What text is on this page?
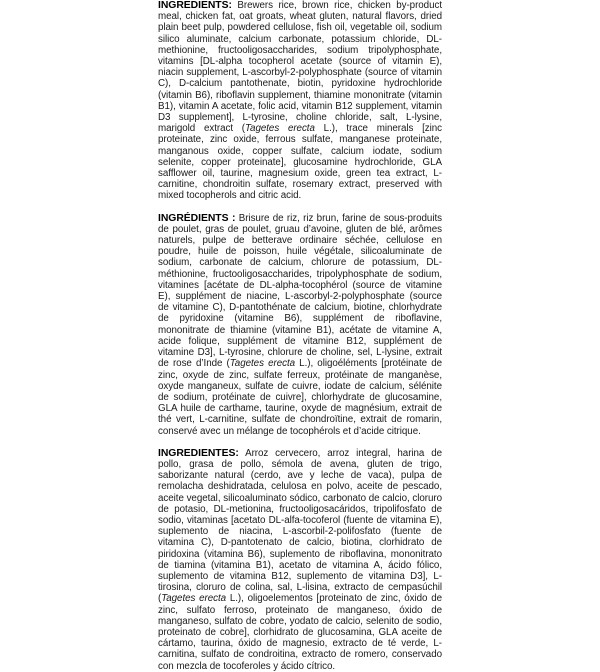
INGREDIENTS: Brewers rice, brown rice, chicken by-product meal, chicken fat, oat groats, wheat gluten, natural flavors, dried plain beet pulp, powdered cellulose, fish oil, vegetable oil, sodium silico aluminate, calcium carbonate, potassium chloride, DL-methionine, fructooligosaccharides, sodium tripolyphosphate, vitamins [DL-alpha tocopherol acetate (source of vitamin E), niacin supplement, L-ascorbyl-2-polyphosphate (source of vitamin C), D-calcium pantothenate, biotin, pyridoxine hydrochloride (vitamin B6), riboflavin supplement, thiamine mononitrate (vitamin B1), vitamin A acetate, folic acid, vitamin B12 supplement, vitamin D3 supplement], L-tyrosine, choline chloride, salt, L-lysine, marigold extract (Tagetes erecta L.), trace minerals [zinc proteinate, zinc oxide, ferrous sulfate, manganese proteinate, manganous oxide, copper sulfate, calcium iodate, sodium selenite, copper proteinate], glucosamine hydrochloride, GLA safflower oil, taurine, magnesium oxide, green tea extract, L-carnitine, chondroitin sulfate, rosemary extract, preserved with mixed tocopherols and citric acid.

INGRÉDIENTS : Brisure de riz, riz brun, farine de sous-produits de poulet, gras de poulet, gruau d’avoine, gluten de blé, arômes naturels, pulpe de betterave ordinaire séchée, cellulose en poudre, huile de poisson, huile végétale, silicoaluminate de sodium, carbonate de calcium, chlorure de potassium, DL-méthionine, fructooligosaccharides, tripolyphosphate de sodium, vitamines [acétate de DL-alpha-tocophérol (source de vitamine E), supplément de niacine, L-ascorbyl-2-polyphosphate (source de vitamine C), D-pantothénate de calcium, biotine, chlorhydrate de pyridoxine (vitamine B6), supplément de riboflavine, mononitrate de thiamine (vitamine B1), acétate de vitamine A, acide folique, supplément de vitamine B12, supplément de vitamine D3], L-tyrosine, chlorure de choline, sel, L-lysine, extrait de rose d’Inde (Tagetes erecta L.), oligoéléments [protéinate de zinc, oxyde de zinc, sulfate ferreux, protéinate de manganèse, oxyde manganeux, sulfate de cuivre, iodate de calcium, sélénite de sodium, protéinate de cuivre], chlorhydrate de glucosamine, GLA huile de carthame, taurine, oxyde de magnésium, extrait de thé vert, L-carnitine, sulfate de chondroïtine, extrait de romarin, conservé avec un mélange de tocophérols et d’acide citrique.

INGREDIENTES: Arroz cervecero, arroz integral, harina de pollo, grasa de pollo, sémola de avena, gluten de trigo, saborizante natural (cerdo, ave y leche de vaca), pulpa de remolacha deshidratada, celulosa en polvo, aceite de pescado, aceite vegetal, silicoaluminato sódico, carbonato de calcio, cloruro de potasio, DL-metionina, fructooligosacáridos, tripolifosfato de sodio, vitaminas [acetato DL-alfa-tocoferol (fuente de vitamina E), suplemento de niacina, L-ascorbil-2-polifosfato (fuente de vitamina C), D-pantotenato de calcio, biotina, clorhidrato de piridoxina (vitamina B6), suplemento de riboflavina, mononitrato de tiamina (vitamina B1), acetato de vitamina A, ácido fólico, suplemento de vitamina B12, suplemento de vitamina D3], L-tirosina, cloruro de colina, sal, L-lisina, extracto de cempasúchil (Tagetes erecta L.), oligoelementos [proteinato de zinc, óxido de zinc, sulfato ferroso, proteinato de manganeso, óxido de manganeso, sulfato de cobre, yodato de calcio, selenito de sodio, proteinato de cobre], clorhidrato de glucosamina, GLA aceite de cártamo, taurina, óxido de magnesio, extracto de té verde, L-carnitina, sulfato de condroitina, extracto de romero, conservado con mezcla de tocoferoles y ácido cítrico.
